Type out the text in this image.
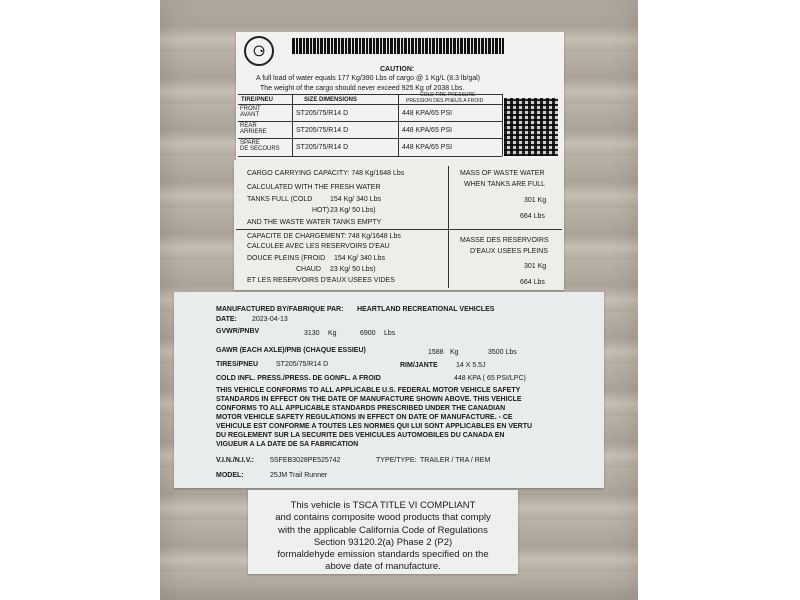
⚆
CAUTION:
A full load of water equals 177 Kg/390 Lbs of cargo @ 1 Kg/L (8.3 lb/gal)
The weight of the cargo should never exceed 925 Kg of 2038 Lbs.
TIRE/PNEU	SIZE DIMENSIONS
COLD TIRE PRESSURE
PRESSION DES PNEUS A FROID
FRONT
AVANT	ST205/75/R14 D	448 KPA/65 PSI
REAR
ARRIERE	ST205/75/R14 D	448 KPA/65 PSI
SPARE
DE SECOURS ST205/75/R14 D	448 KPA/65 PSI
CARGO CARRYING CAPACITY: 748 Kg/1648 Lbs
CALCULATED WITH THE FRESH WATER
TANKS FULL (COLD	154 Kg/ 340 Lbs
HOT) 23 Kg/ 50 Lbs)
AND THE WASTE WATER TANKS EMPTY
MASS OF WASTE WATER
WHEN TANKS ARE FULL
301 Kg
664 Lbs
CAPACITE DE CHARGEMENT: 748 Kg/1648 Lbs
CALCULEE AVEC LES RESERVOIRS D'EAU
DOUCE PLEINS (FROID 154 Kg/ 340 Lbs
CHAUD 23 Kg/ 50 Lbs)
ET LES RESERVOIRS D'EAUX USEES VIDES
MASSE DES RESERVOIRS
D'EAUX USEES PLEINS
301 Kg
664 Lbs
MANUFACTURED BY/FABRIQUE PAR: HEARTLAND RECREATIONAL VEHICLES
DATE: 2023-04-13
GVWR/PNBV	3130 Kg	6900 Lbs
GAWR (EACH AXLE)/PNB (CHAQUE ESSIEU)	1588 Kg	3500 Lbs
TIRES/PNEU	ST205/75/R14 D	RIM/JANTE	14 X 5.5J
COLD INFL. PRESS./PRESS. DE GONFL. A FROID	448 KPA ( 65 PSI/LPC)
THIS VEHICLE CONFORMS TO ALL APPLICABLE U.S. FEDERAL MOTOR VEHICLE SAFETY
STANDARDS IN EFFECT ON THE DATE OF MANUFACTURE SHOWN ABOVE. THIS VEHICLE
CONFORMS TO ALL APPLICABLE STANDARDS PRESCRIBED UNDER THE CANADIAN
MOTOR VEHICLE SAFETY REGULATIONS IN EFFECT ON DATE OF MANUFACTURE. - CE
VEHICULE EST CONFORME A TOUTES LES NORMES QUI LUI SONT APPLICABLES EN VERTU
DU REGLEMENT SUR LA SECURITE DES VEHICULES AUTOMOBILES DU CANADA EN
VIGUEUR A LA DATE DE SA FABRICATION
V.I.N./N.I.V.: 5SFEB3028PE525742	TYPE/TYPE: TRAILER / TRA / REM
MODEL:	25JM Trail Runner
This vehicle is TSCA TITLE VI COMPLIANT
and contains composite wood products that comply
with the applicable California Code of Regulations
Section 93120.2(a) Phase 2 (P2)
formaldehyde emission standards specified on the
above date of manufacture.
